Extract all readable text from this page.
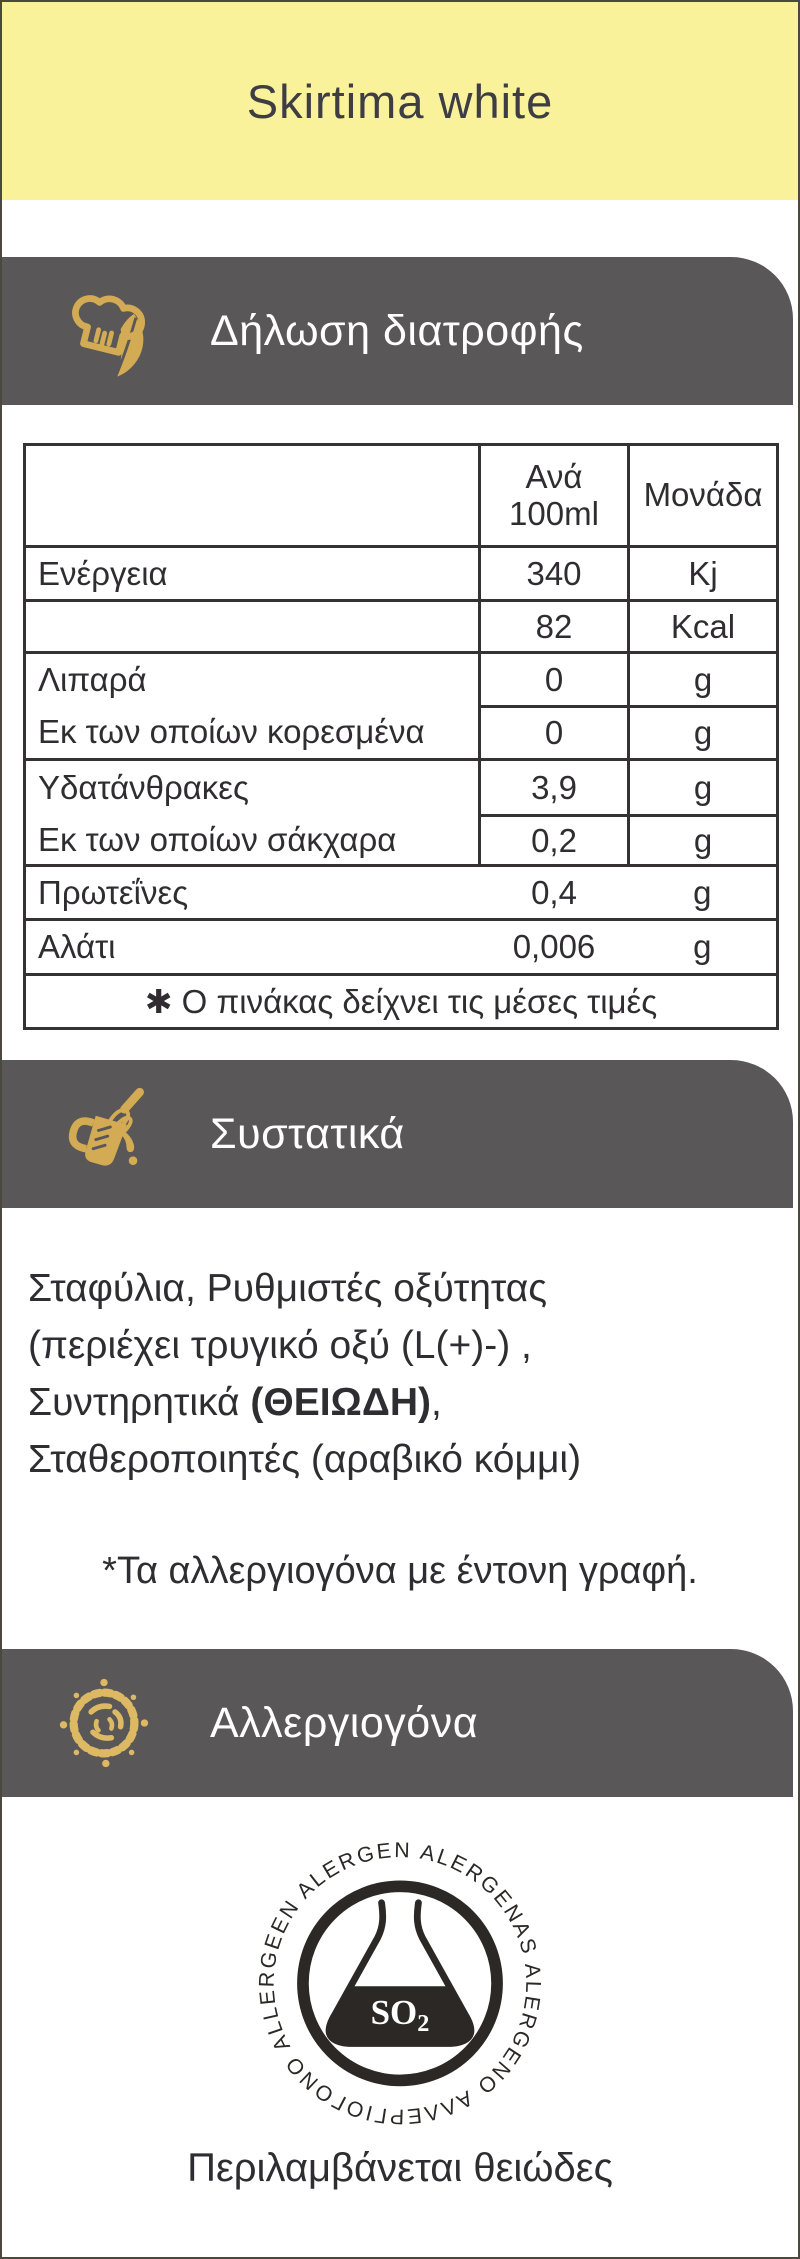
Skirtima white
Δήλωση διατροφής
	Ανά 100ml	Μονάδα
Ενέργεια	340	Kj
	82	Kcal
Λιπαρά	0	g
Εκ των οποίων κορεσμένα	0	g
Υδατάνθρακες	3,9	g
Εκ των οποίων σάκχαρα	0,2	g
Πρωτεΐνες	0,4	g
Αλάτι	0,006	g
✱ Ο πινάκας δείχνει τις μέσες τιμές		
Συστατικά
Σταφύλια, Ρυθμιστές οξύτητας
(περιέχει τρυγικό οξύ (L(+)-) ,
Συντηρητικά (ΘΕΙΩΔΗ),
Σταθεροποιητές (αραβικό κόμμι)
*Τα αλλεργιογόνα με έντονη γραφή.
Αλλεργιογόνα
ALLERGEEN ALERGEN ALERGENAS ALERGENO ΑΛΛΕΡΓΙΟΓΟΝΟ
SO2
Περιλαμβάνεται θειώδες
